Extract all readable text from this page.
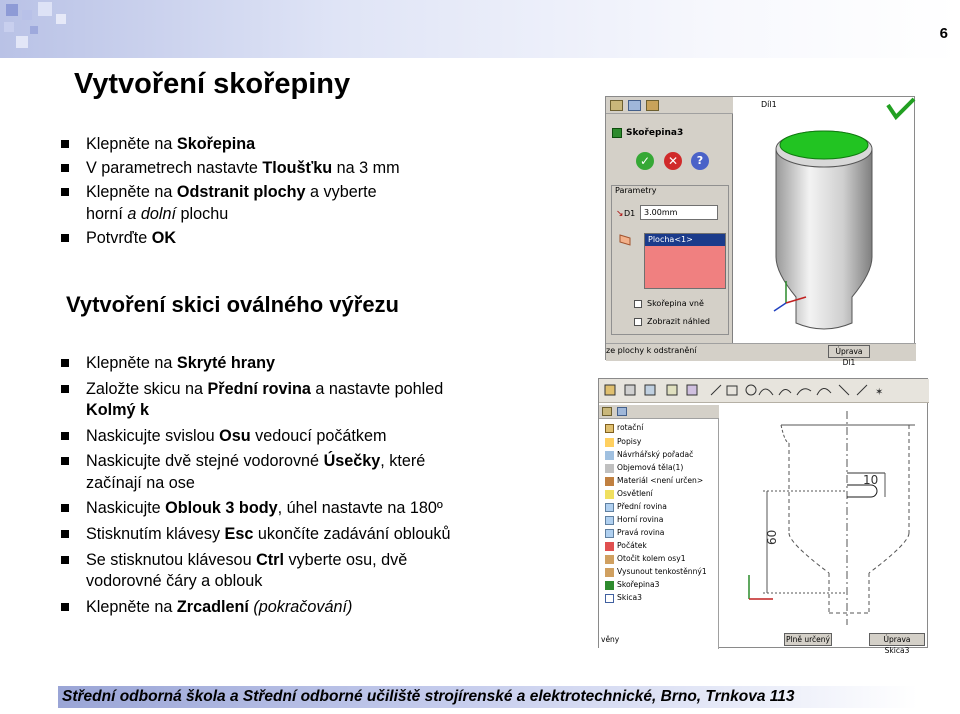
6
Vytvoření skořepiny
Klepněte na Skořepina
V parametrech nastavte Tloušťku na 3 mm
Klepněte na Odstranit plochy a vyberte
horní a dolní plochu
Potvrďte OK
Vytvoření skici oválného výřezu
Klepněte na Skryté hrany
Založte skicu na Přední rovina a nastavte pohled
Kolmý k
Naskicujte svislou Osu vedoucí počátkem
Naskicujte dvě stejné vodorovné Úsečky, které
začínají na ose
Naskicujte Oblouk 3 body, úhel nastavte na 180º
Stisknutím klávesy Esc ukončíte zadávání oblouků
Se stisknutou klávesou Ctrl vyberte osu, dvě
vodorovné čáry a oblouk
Klepněte na Zrcadlení (pokračování)
Skořepina3
✓	✕	?
Parametry
↘ D1	3.00mm
Plocha<1>
Skořepina vně
Zobrazit náhled
Díl1
ze plochy k odstranění	Úprava Dl1
✶
rotační
Popisy
Návrhářský pořadač
Objemová těla(1)
Materiál <není určen>
Osvětlení
Přední rovina
Horní rovina
Pravá rovina
Počátek
Otočit kolem osy1
Vysunout tenkostěnný1
Skořepina3
Skica3
10
60
věny	Plně určený	Úprava Skica3
Střední odborná škola a Střední odborné učiliště strojírenské a elektrotechnické, Brno, Trnkova 113
